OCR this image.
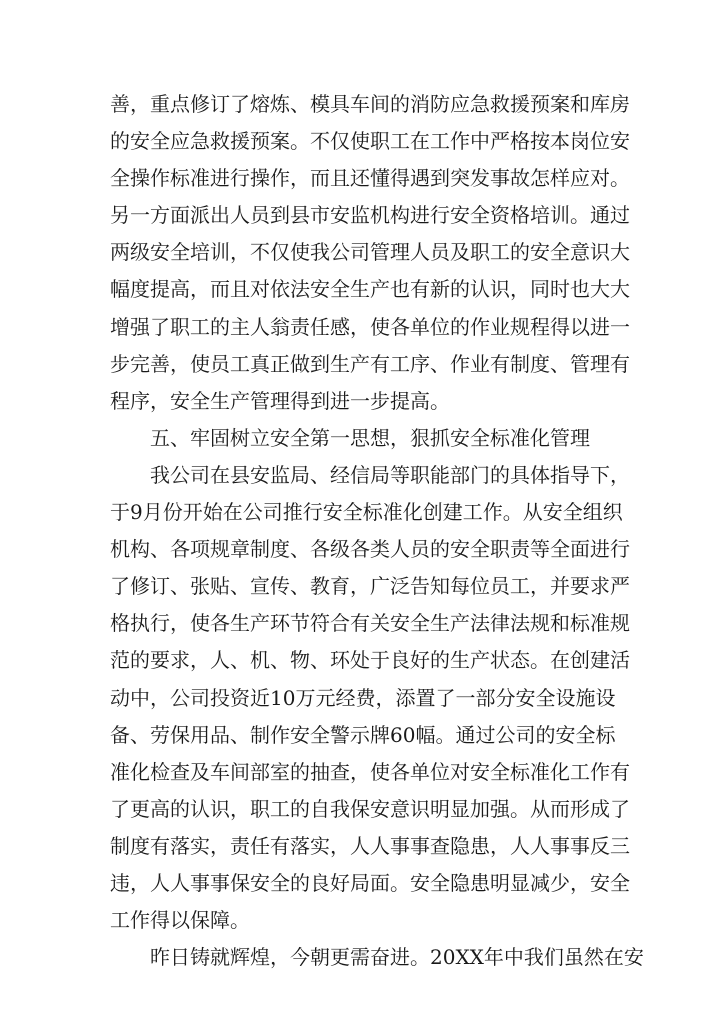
善，重点修订了熔炼、模具车间的消防应急救援预案和库房
的安全应急救援预案。不仅使职工在工作中严格按本岗位安
全操作标准进行操作，而且还懂得遇到突发事故怎样应对。
另一方面派出人员到县市安监机构进行安全资格培训。通过
两级安全培训，不仅使我公司管理人员及职工的安全意识大
幅度提高，而且对依法安全生产也有新的认识，同时也大大
增强了职工的主人翁责任感，使各单位的作业规程得以进一
步完善，使员工真正做到生产有工序、作业有制度、管理有
程序，安全生产管理得到进一步提高。
五、牢固树立安全第一思想，狠抓安全标准化管理
我公司在县安监局、经信局等职能部门的具体指导下，
于9月份开始在公司推行安全标准化创建工作。从安全组织
机构、各项规章制度、各级各类人员的安全职责等全面进行
了修订、张贴、宣传、教育，广泛告知每位员工，并要求严
格执行，使各生产环节符合有关安全生产法律法规和标准规
范的要求，人、机、物、环处于良好的生产状态。在创建活
动中，公司投资近10万元经费，添置了一部分安全设施设
备、劳保用品、制作安全警示牌60幅。通过公司的安全标
准化检查及车间部室的抽查，使各单位对安全标准化工作有
了更高的认识，职工的自我保安意识明显加强。从而形成了
制度有落实，责任有落实，人人事事查隐患，人人事事反三
违，人人事事保安全的良好局面。安全隐患明显减少，安全
工作得以保障。
昨日铸就辉煌，今朝更需奋进。20XX年中我们虽然在安
